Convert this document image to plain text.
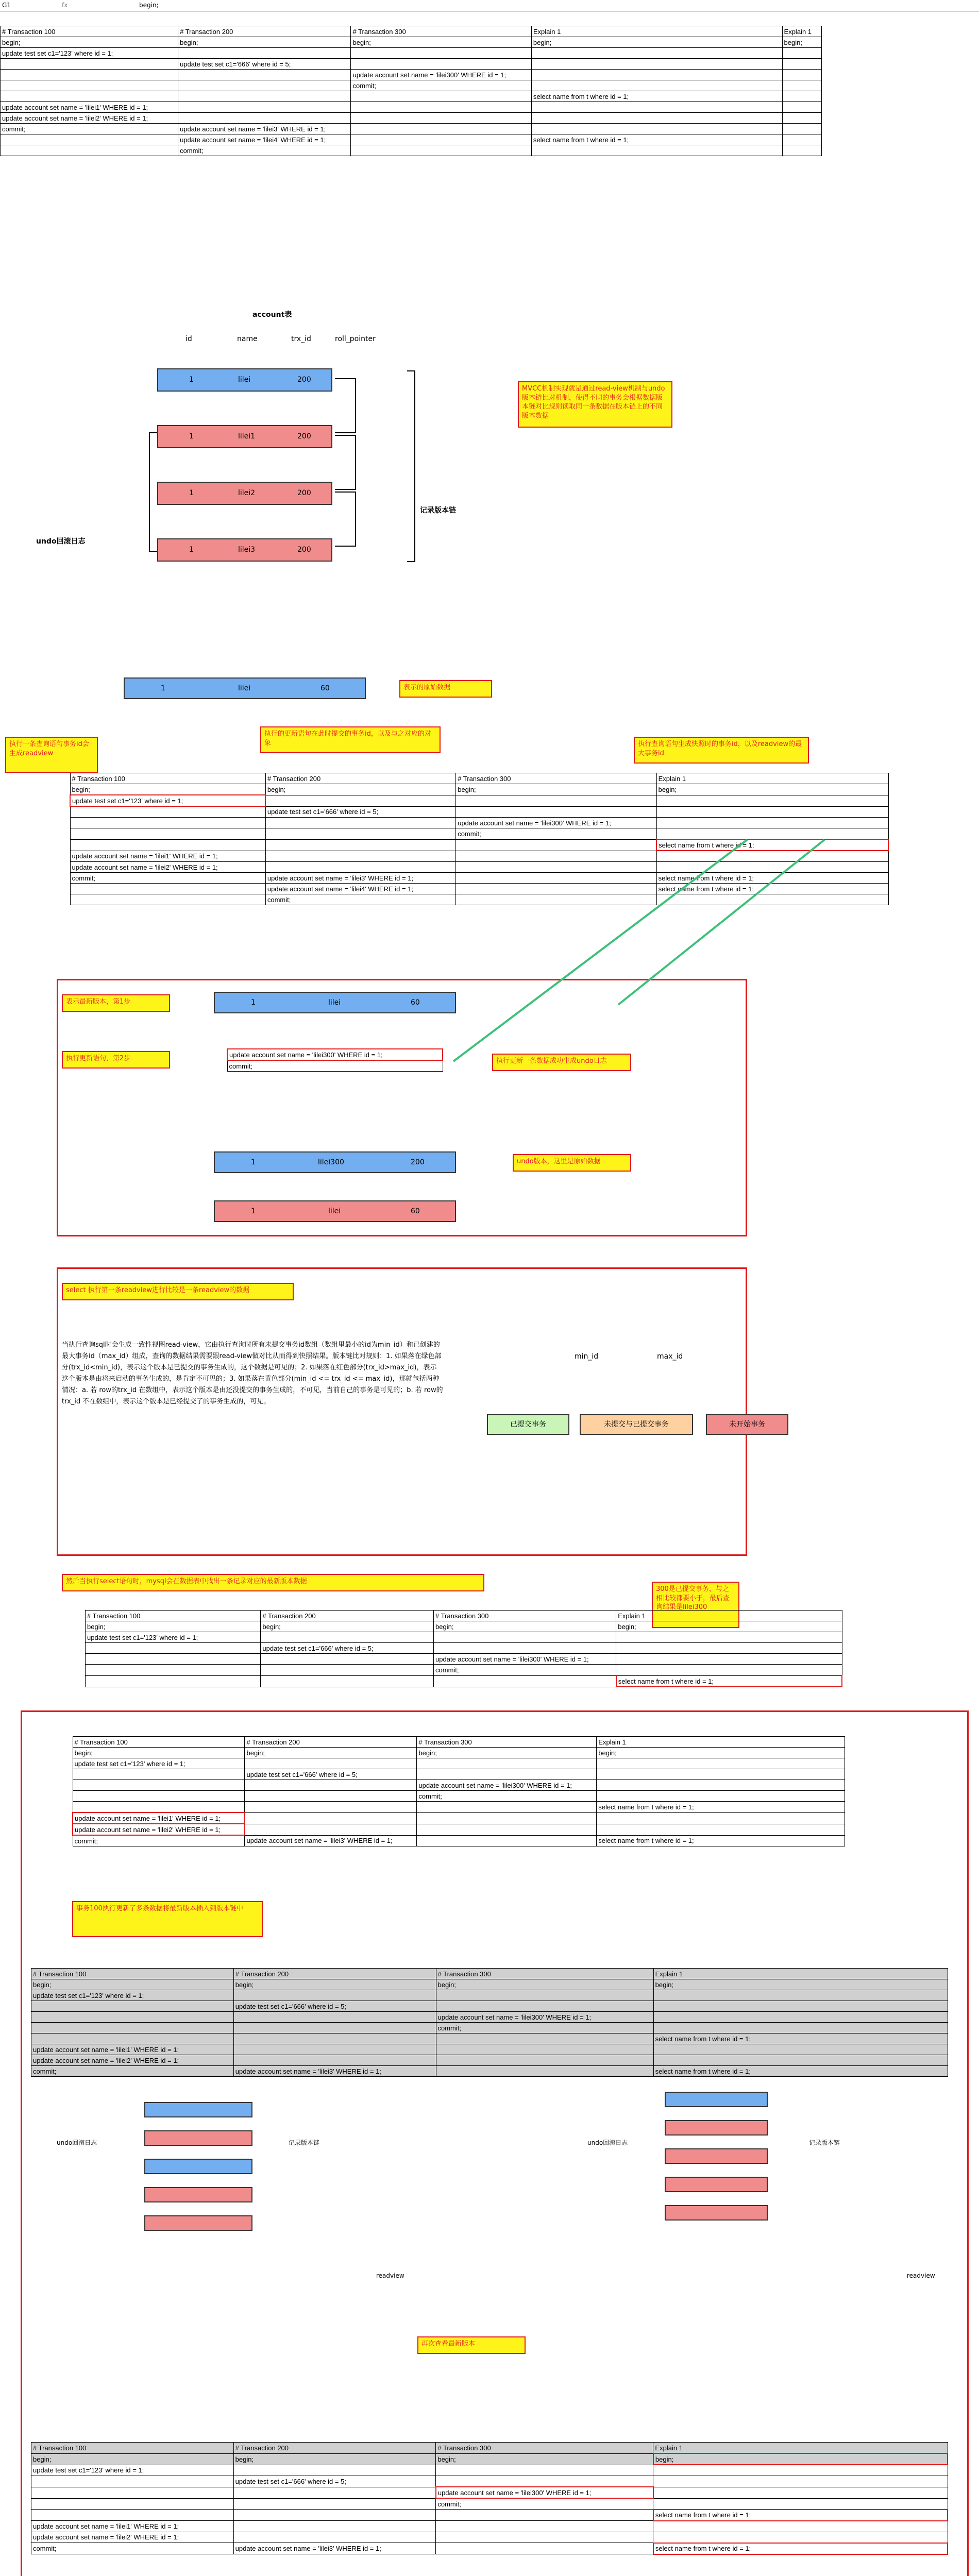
G1	fx	begin;
# Transaction 100	# Transaction 200	# Transaction 300	Explain 1	Explain 1
begin;	begin;	begin;	begin;	begin;
update test set c1='123' where id = 1;				
	update test set c1='666' where id = 5;			
		update account set name = 'lilei300' WHERE id = 1;		
		commit;		
			select name from t where id = 1;	
update account set name = 'lilei1' WHERE id = 1;				
update account set name = 'lilei2' WHERE id = 1;				
commit;	update account set name = 'lilei3' WHERE id = 1;			
	update account set name = 'lilei4' WHERE id = 1;		select name from t where id = 1;	
	commit;			
account表
id	name	trx_id	roll_pointer
1	lilei	200
1	lilei1	200
1	lilei2	200
1	lilei3	200
undo回滚日志
记录版本链
MVCC机制实现就是通过read-view机制与undo版本链比对机制，使得不同的事务会根据数据版本链对比规则读取同一条数据在版本链上的不同版本数据
1	lilei	60	表示的原始数据
执行一条查询语句事务id会生成readview
执行的更新语句在此时提交的事务id，以及与之对应的对象	执行查询语句生成快照时的事务id，以及readview的最大事务id
# Transaction 100	# Transaction 200	# Transaction 300	Explain 1
begin;	begin;	begin;	begin;
update test set c1='123' where id = 1;			
	update test set c1='666' where id = 5;		
		update account set name = 'lilei300' WHERE id = 1;	
		commit;	
			select name from t where id = 1;
update account set name = 'lilei1' WHERE id = 1;			
update account set name = 'lilei2' WHERE id = 1;			
commit;	update account set name = 'lilei3' WHERE id = 1;		select name from t where id = 1;
	update account set name = 'lilei4' WHERE id = 1;		select name from t where id = 1;
	commit;		
表示最新版本，第1步
执行更新语句，第2步
1	lilei	60
update account set name = 'lilei300' WHERE id = 1;
commit;
执行更新一条数据成功生成undo日志
1	lilei300	200
1	lilei	60
undo版本，这里是原始数据
select 执行第一条readview进行比较是一条readview的数据
当执行查询sql时会生成一致性视图read-view，它由执行查询时所有未提交事务id数组（数组里最小的id为min_id）和已创建的最大事务id（max_id）组成，查询的数据结果需要跟read-view做对比从而得到快照结果。版本链比对规则：1. 如果落在绿色部分(trx_id<min_id)，表示这个版本是已提交的事务生成的，这个数据是可见的；2. 如果落在红色部分(trx_id>max_id)，表示这个版本是由将来启动的事务生成的，是肯定不可见的；3. 如果落在黄色部分(min_id <= trx_id <= max_id)，那就包括两种情况：a. 若 row的trx_id 在数组中，表示这个版本是由还没提交的事务生成的，不可见，当前自己的事务是可见的；b. 若 row的trx_id 不在数组中，表示这个版本是已经提交了的事务生成的，可见。
min_id	max_id
已提交事务	未提交与已提交事务	未开始事务
然后当执行select语句时，mysql会在数据表中找出一条记录对应的最新版本数据
300是已提交事务，与之相比较都要小于，最后查询结果是lilei300
# Transaction 100	# Transaction 200	# Transaction 300	Explain 1
begin;	begin;	begin;	begin;
update test set c1='123' where id = 1;			
	update test set c1='666' where id = 5;		
		update account set name = 'lilei300' WHERE id = 1;	
		commit;	
			select name from t where id = 1;
# Transaction 100	# Transaction 200	# Transaction 300	Explain 1
begin;	begin;	begin;	begin;
update test set c1='123' where id = 1;			
	update test set c1='666' where id = 5;		
		update account set name = 'lilei300' WHERE id = 1;	
		commit;	
			select name from t where id = 1;
update account set name = 'lilei1' WHERE id = 1;			
update account set name = 'lilei2' WHERE id = 1;			
commit;	update account set name = 'lilei3' WHERE id = 1;		select name from t where id = 1;
事务100执行更新了多条数据将最新版本插入到版本链中
# Transaction 100	# Transaction 200	# Transaction 300	Explain 1
begin;	begin;	begin;	begin;
update test set c1='123' where id = 1;			
	update test set c1='666' where id = 5;		
		update account set name = 'lilei300' WHERE id = 1;	
		commit;	
			select name from t where id = 1;
update account set name = 'lilei1' WHERE id = 1;			
update account set name = 'lilei2' WHERE id = 1;			
commit;	update account set name = 'lilei3' WHERE id = 1;		select name from t where id = 1;
undo回滚日志	记录版本链
readview
undo回滚日志	记录版本链
readview
再次查看最新版本
# Transaction 100	# Transaction 200	# Transaction 300	Explain 1
begin;	begin;	begin;	begin;
update test set c1='123' where id = 1;			
	update test set c1='666' where id = 5;		
		update account set name = 'lilei300' WHERE id = 1;	
		commit;	
			select name from t where id = 1;
update account set name = 'lilei1' WHERE id = 1;			
update account set name = 'lilei2' WHERE id = 1;			
commit;	update account set name = 'lilei3' WHERE id = 1;		select name from t where id = 1;
